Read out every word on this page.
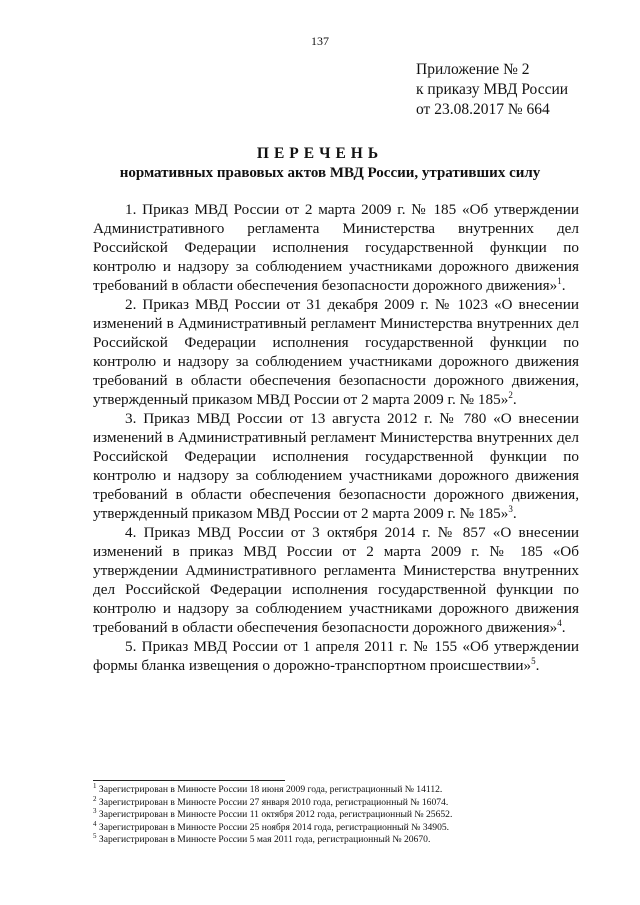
137
Приложение № 2
к приказу МВД России
от 23.08.2017 № 664
ПЕРЕЧЕНЬ
нормативных правовых актов МВД России, утративших силу

1. Приказ МВД России от 2 марта 2009 г. № 185 «Об утверждении Административного регламента Министерства внутренних дел Российской Федерации исполнения государственной функции по контролю и надзору за соблюдением участниками дорожного движения требований в области обеспечения безопасности дорожного движения»$^1$.

2. Приказ МВД России от 31 декабря 2009 г. № 1023 «О внесении изменений в Административный регламент Министерства внутренних дел Российской Федерации исполнения государственной функции по контролю и надзору за соблюдением участниками дорожного движения требований в области обеспечения безопасности дорожного движения, утвержденный приказом МВД России от 2 марта 2009 г. № 185»$^2$.

3. Приказ МВД России от 13 августа 2012 г. № 780 «О внесении изменений в Административный регламент Министерства внутренних дел Российской Федерации исполнения государственной функции по контролю и надзору за соблюдением участниками дорожного движения требований в области обеспечения безопасности дорожного движения, утвержденный приказом МВД России от 2 марта 2009 г. № 185»$^3$.

4. Приказ МВД России от 3 октября 2014 г. № 857 «О внесении изменений в приказ МВД России от 2 марта 2009 г. № 185 «Об утверждении Административного регламента Министерства внутренних дел Российской Федерации исполнения государственной функции по контролю и надзору за соблюдением участниками дорожного движения требований в области обеспечения безопасности дорожного движения»$^4$.

5. Приказ МВД России от 1 апреля 2011 г. № 155 «Об утверждении формы бланка извещения о дорожно-транспортном происшествии»$^5$.

$^1$ Зарегистрирован в Минюсте России 18 июня 2009 года, регистрационный № 14112.
$^2$ Зарегистрирован в Минюсте России 27 января 2010 года, регистрационный № 16074.
$^3$ Зарегистрирован в Минюсте России 11 октября 2012 года, регистрационный № 25652.
$^4$ Зарегистрирован в Минюсте России 25 ноября 2014 года, регистрационный № 34905.
$^5$ Зарегистрирован в Минюсте России 5 мая 2011 года, регистрационный № 20670.
